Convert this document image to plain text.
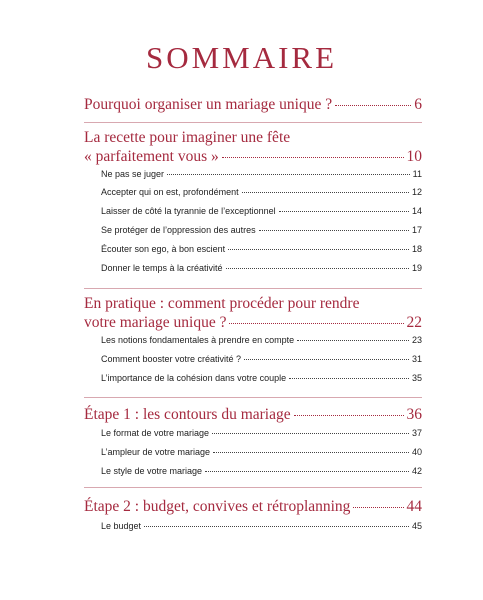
SOMMAIRE
Pourquoi organiser un mariage unique ?	6
La recette pour imaginer une fête
« parfaitement vous »	10
Ne pas se juger	11
Accepter qui on est, profondément	12
Laisser de côté la tyrannie de l’exceptionnel	14
Se protéger de l’oppression des autres	17
Écouter son ego, à bon escient	18
Donner le temps à la créativité	19
En pratique : comment procéder pour rendre
votre mariage unique ?	22
Les notions fondamentales à prendre en compte	23
Comment booster votre créativité ?	31
L’importance de la cohésion dans votre couple	35
Étape 1 : les contours du mariage	36
Le format de votre mariage	37
L’ampleur de votre mariage	40
Le style de votre mariage	42
Étape 2 : budget, convives et rétroplanning	44
Le budget	45
